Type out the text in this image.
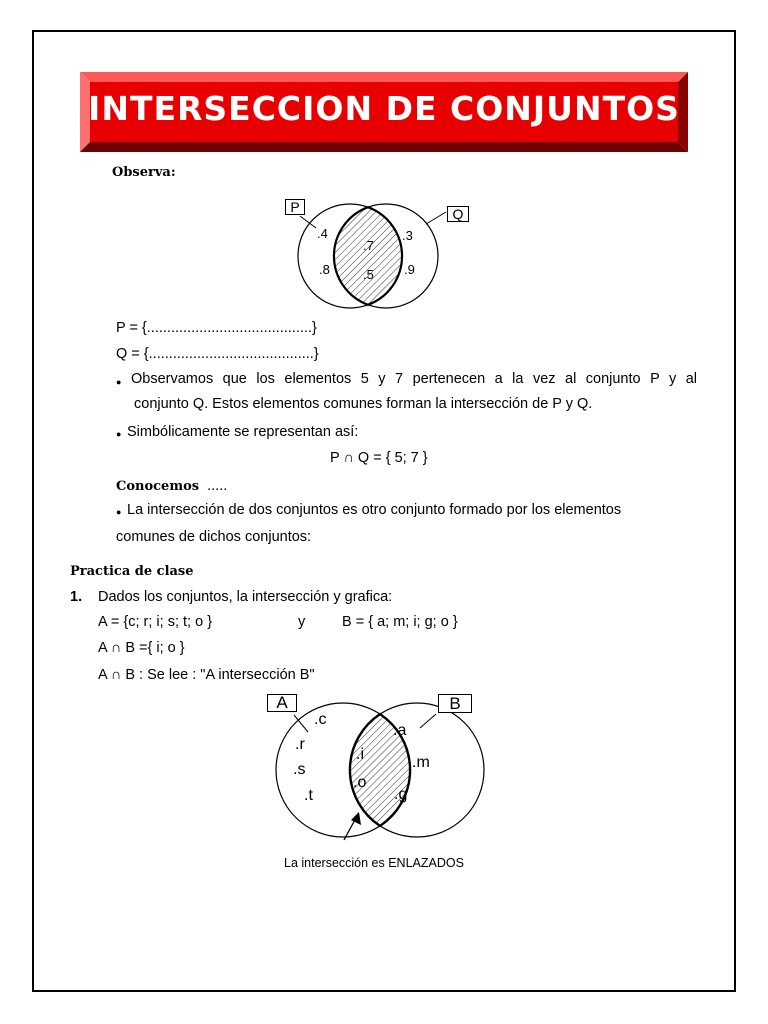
INTERSECCION DE CONJUNTOS
Observa:
P	Q
.4
.8
.3
.9
.7
.5
P = {.........................................}
Q = {.........................................}
● Observamos que los elementos 5 y 7 pertenecen a la vez al conjunto P y al
conjunto Q. Estos elementos comunes forman la intersección de P y Q.
● Simbólicamente se representan así:
P ∩ Q = { 5; 7 }
Conocemos .....
● La intersección de dos conjuntos es otro conjunto formado por los elementos
comunes de dichos conjuntos:
Practica de clase
1. Dados los conjuntos, la intersección y grafica:
A = {c; r; i; s; t; o }	y	B = { a; m; i; g; o }
A ∩ B ={ i; o }
A ∩ B : Se lee : "A intersección B"
A	B
.c
.r
.s
.t
.a
.m
.g
.i
.o
La intersección es ENLAZADOS
